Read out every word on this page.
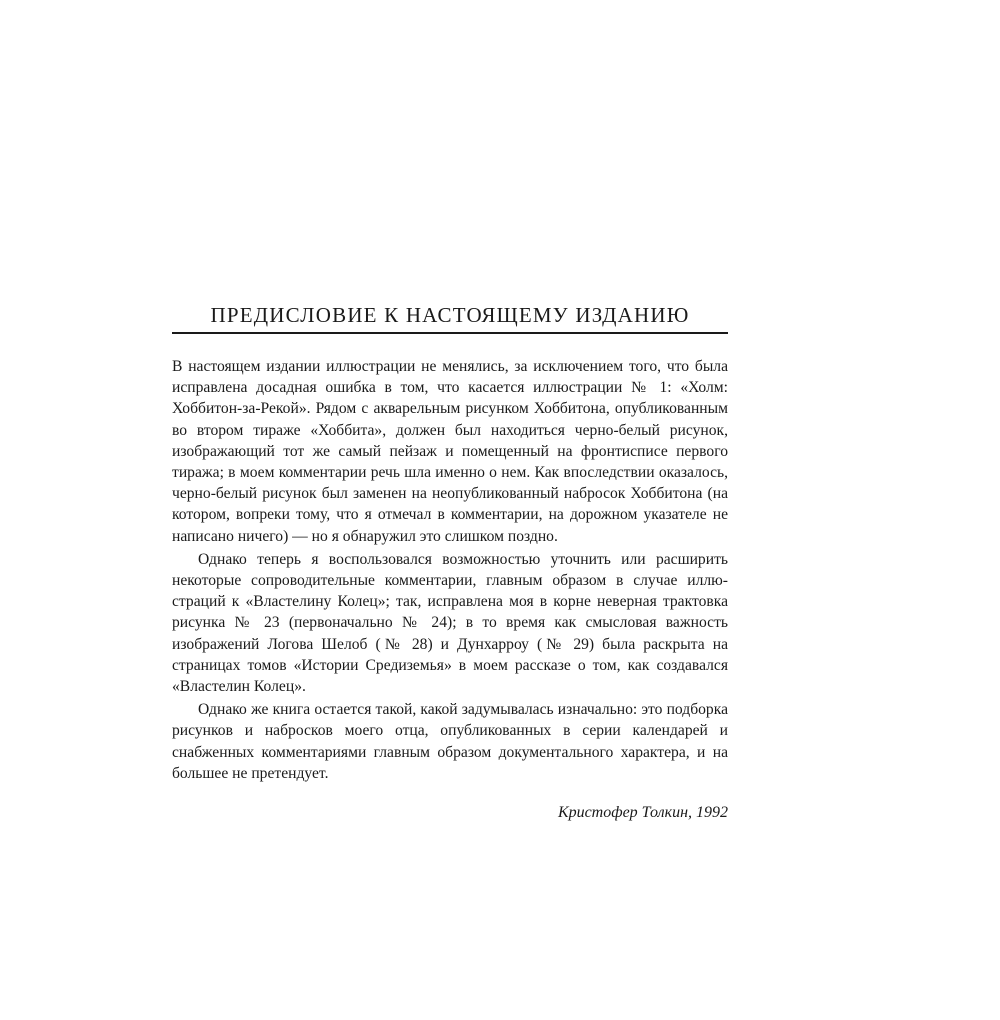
ПРЕДИСЛОВИЕ К НАСТОЯЩЕМУ ИЗДАНИЮ

В настоящем издании иллюстрации не менялись, за исключением того, что была исправлена досадная ошибка в том, что касается иллюстрации № 1: «Холм: Хоббитон-за-Рекой». Рядом с акварельным рисунком Хоббитона, опубликованным во втором тираже «Хоббита», должен был находиться черно-белый рисунок, изображающий тот же самый пейзаж и помещенный на фронтисписе первого тиража; в моем комментарии речь шла именно о нем. Как впоследствии оказалось, черно-белый рисунок был заменен на неопубликованный набросок Хоббитона (на котором, вопреки тому, что я отмечал в комментарии, на дорожном указателе не написано ничего) — но я обнаружил это слишком поздно.

Однако теперь я воспользовался возможностью уточнить или расширить некоторые сопроводительные комментарии, главным образом в случае иллюстраций к «Властелину Колец»; так, исправлена моя в корне неверная трактовка рисунка № 23 (первоначально № 24); в то время как смысловая важность изображений Логова Шелоб (№ 28) и Дунхарроу (№ 29) была раскрыта на страницах томов «Истории Средиземья» в моем рассказе о том, как создавался «Властелин Колец».

Однако же книга остается такой, какой задумывалась изначально: это подборка рисунков и набросков моего отца, опубликованных в серии календарей и снабженных комментариями главным образом документального характера, и на большее не претендует.

Кристофер Толкин, 1992
